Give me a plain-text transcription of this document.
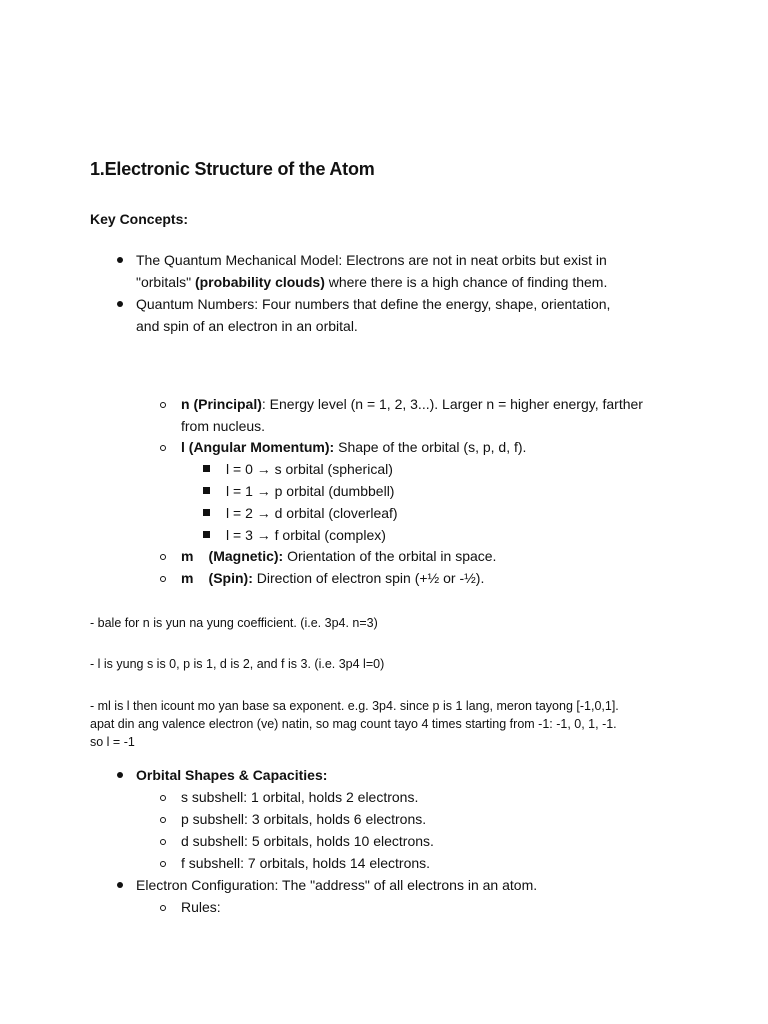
1.Electronic Structure of the Atom

Key Concepts:

The Quantum Mechanical Model: Electrons are not in neat orbits but exist in
"orbitals" (probability clouds) where there is a high chance of finding them.
Quantum Numbers: Four numbers that define the energy, shape, orientation,
and spin of an electron in an orbital.
n (Principal): Energy level (n = 1, 2, 3...). Larger n = higher energy, farther
from nucleus.
l (Angular Momentum): Shape of the orbital (s, p, d, f).
l = 0 → s orbital (spherical)
l = 1 → p orbital (dumbbell)
l = 2 → d orbital (cloverleaf)
l = 3 → f orbital (complex)
m (Magnetic): Orientation of the orbital in space.
m (Spin): Direction of electron spin (+½ or -½).
- bale for n is yun na yung coefficient. (i.e. 3p4. n=3)
- l is yung s is 0, p is 1, d is 2, and f is 3. (i.e. 3p4 l=0)
- ml is l then icount mo yan base sa exponent. e.g. 3p4. since p is 1 lang, meron tayong [-1,0,1].
apat din ang valence electron (ve) natin, so mag count tayo 4 times starting from -1: -1, 0, 1, -1.
so l = -1
Orbital Shapes & Capacities:
s subshell: 1 orbital, holds 2 electrons.
p subshell: 3 orbitals, holds 6 electrons.
d subshell: 5 orbitals, holds 10 electrons.
f subshell: 7 orbitals, holds 14 electrons.
Electron Configuration: The "address" of all electrons in an atom.
Rules:
